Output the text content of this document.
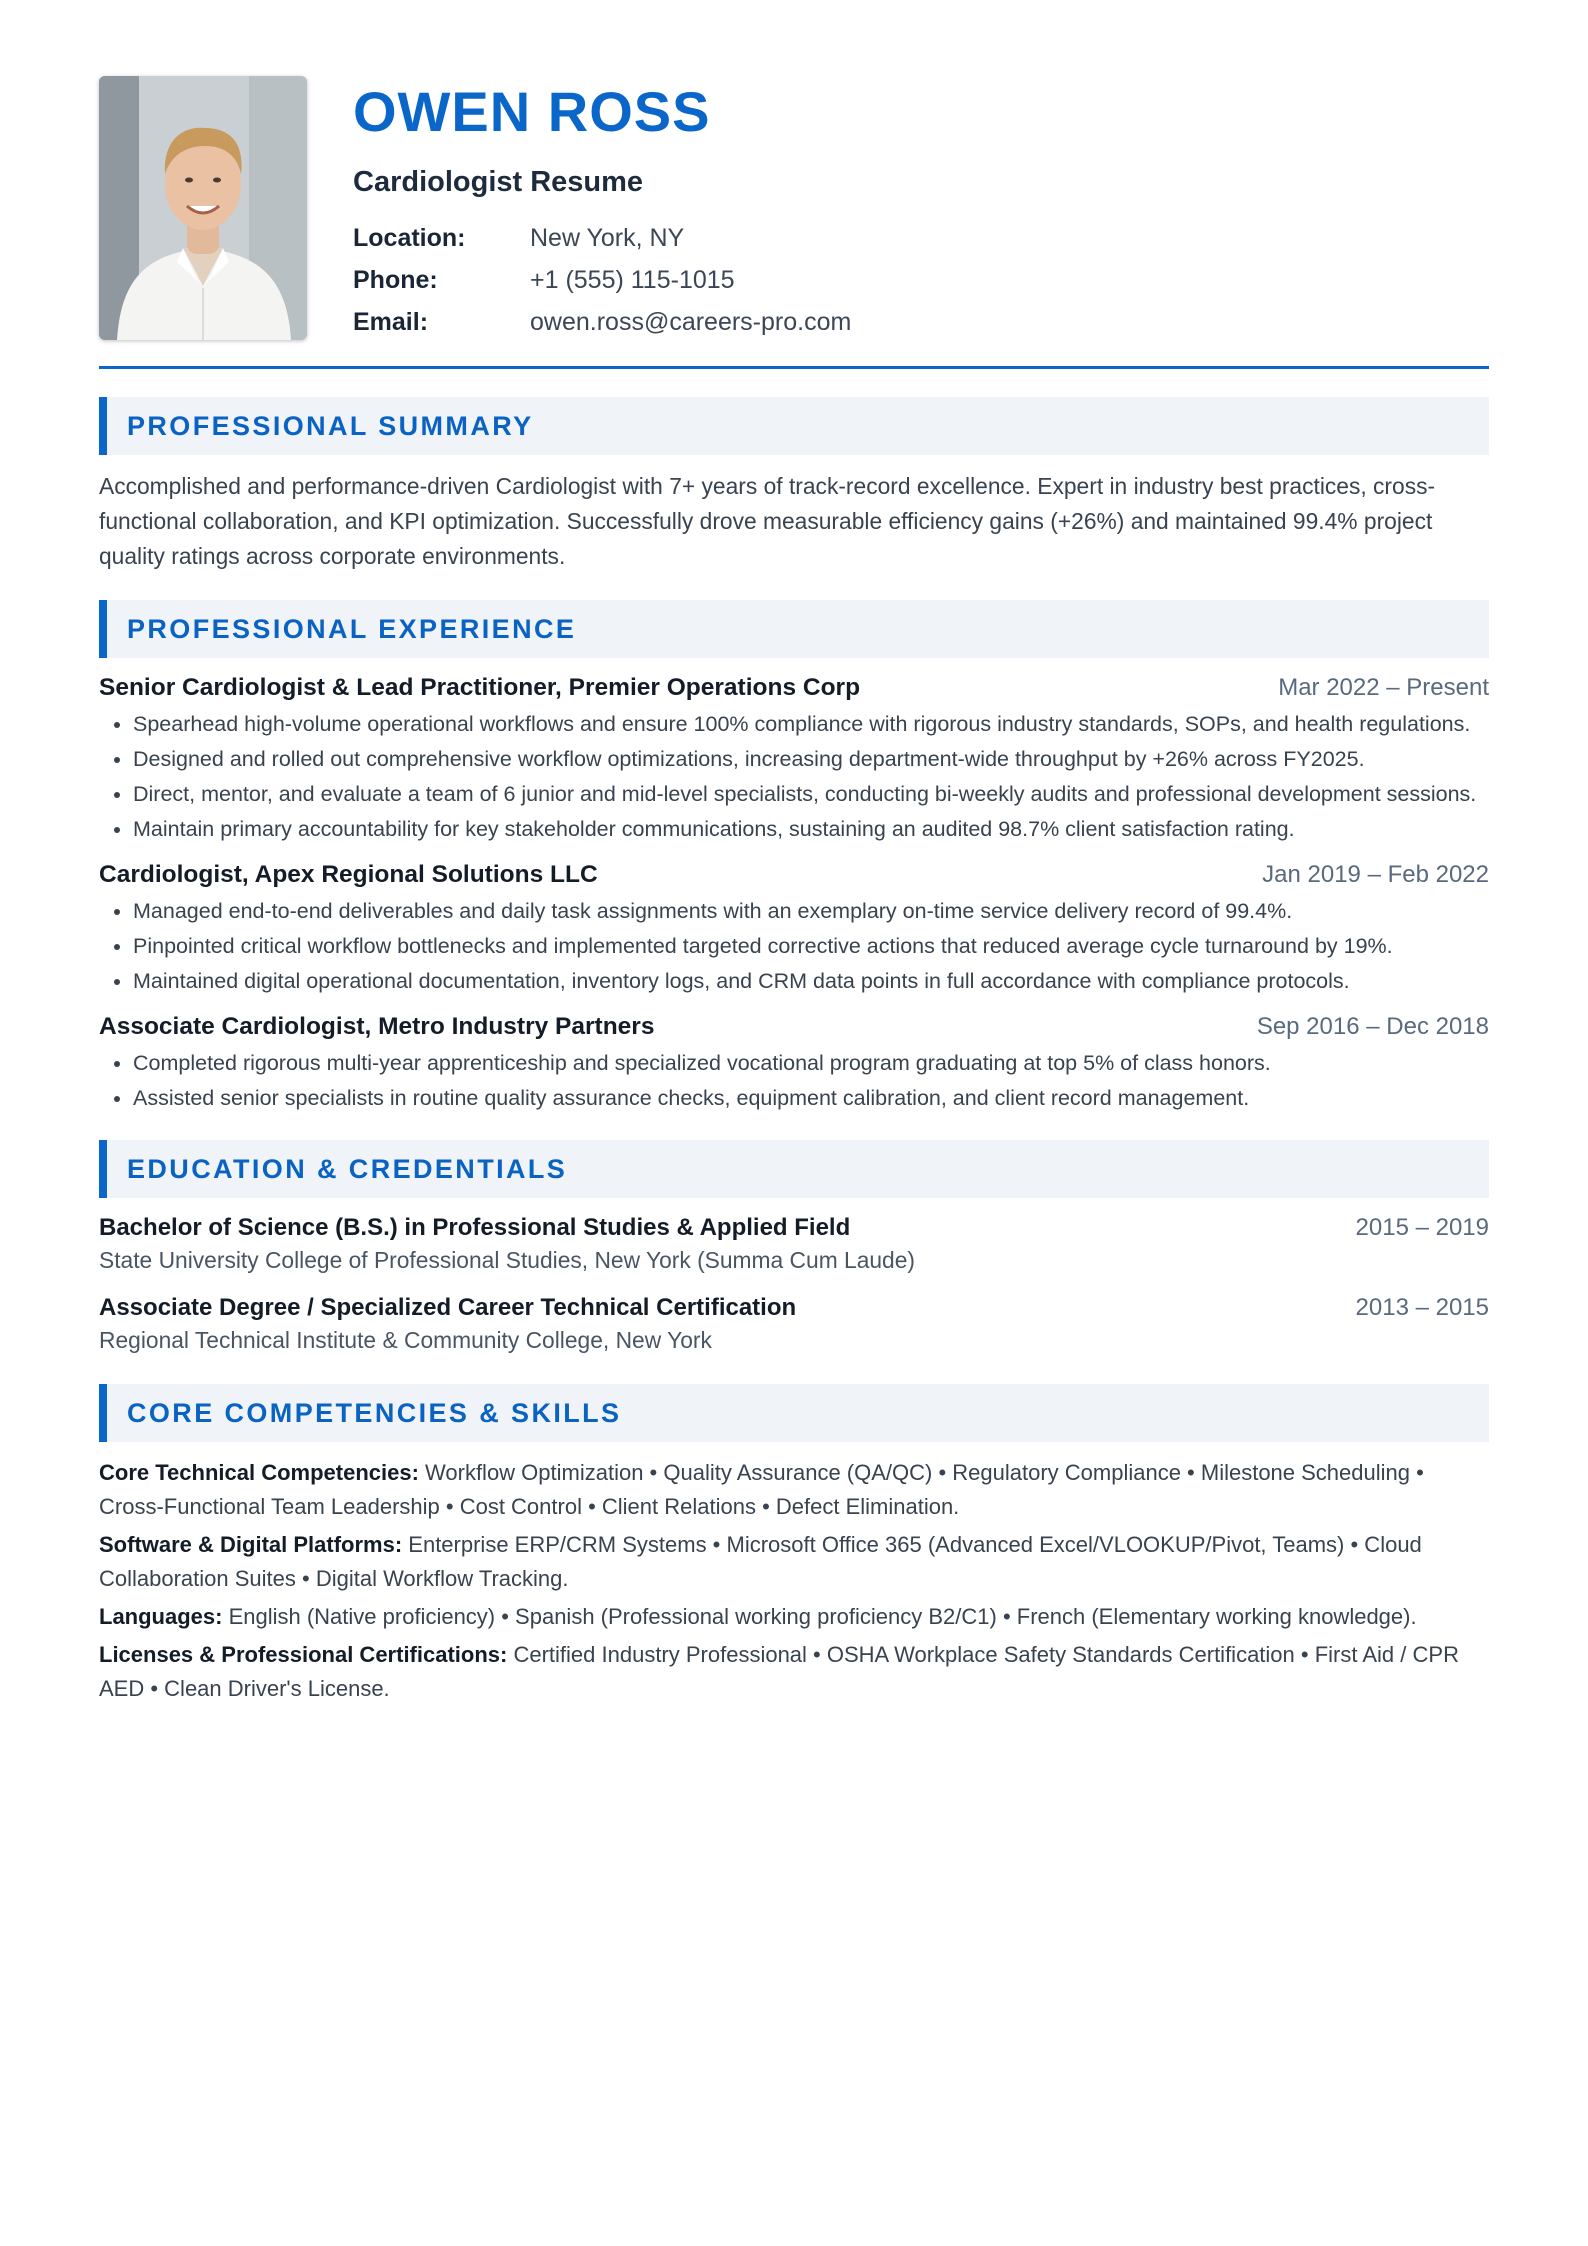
OWEN ROSS
Cardiologist Resume
Location:	New York, NY
Phone:	+1 (555) 115-1015
Email:	owen.ross@careers-pro.com
PROFESSIONAL SUMMARY
Accomplished and performance-driven Cardiologist with 7+ years of track-record excellence. Expert in industry best practices, cross-functional collaboration, and KPI optimization. Successfully drove measurable efficiency gains (+26%) and maintained 99.4% project quality ratings across corporate environments.
PROFESSIONAL EXPERIENCE
Senior Cardiologist & Lead Practitioner, Premier Operations Corp	Mar 2022 – Present
• Spearhead high-volume operational workflows and ensure 100% compliance with rigorous industry standards, SOPs, and health regulations.
• Designed and rolled out comprehensive workflow optimizations, increasing department-wide throughput by +26% across FY2025.
• Direct, mentor, and evaluate a team of 6 junior and mid-level specialists, conducting bi-weekly audits and professional development sessions.
• Maintain primary accountability for key stakeholder communications, sustaining an audited 98.7% client satisfaction rating.
Cardiologist, Apex Regional Solutions LLC	Jan 2019 – Feb 2022
• Managed end-to-end deliverables and daily task assignments with an exemplary on-time service delivery record of 99.4%.
• Pinpointed critical workflow bottlenecks and implemented targeted corrective actions that reduced average cycle turnaround by 19%.
• Maintained digital operational documentation, inventory logs, and CRM data points in full accordance with compliance protocols.
Associate Cardiologist, Metro Industry Partners	Sep 2016 – Dec 2018
• Completed rigorous multi-year apprenticeship and specialized vocational program graduating at top 5% of class honors.
• Assisted senior specialists in routine quality assurance checks, equipment calibration, and client record management.
EDUCATION & CREDENTIALS
Bachelor of Science (B.S.) in Professional Studies & Applied Field	2015 – 2019
State University College of Professional Studies, New York (Summa Cum Laude)
Associate Degree / Specialized Career Technical Certification	2013 – 2015
Regional Technical Institute & Community College, New York
CORE COMPETENCIES & SKILLS
Core Technical Competencies: Workflow Optimization • Quality Assurance (QA/QC) • Regulatory Compliance • Milestone Scheduling • Cross-Functional Team Leadership • Cost Control • Client Relations • Defect Elimination.
Software & Digital Platforms: Enterprise ERP/CRM Systems • Microsoft Office 365 (Advanced Excel/VLOOKUP/Pivot, Teams) • Cloud Collaboration Suites • Digital Workflow Tracking.
Languages: English (Native proficiency) • Spanish (Professional working proficiency B2/C1) • French (Elementary working knowledge).
Licenses & Professional Certifications: Certified Industry Professional • OSHA Workplace Safety Standards Certification • First Aid / CPR AED • Clean Driver's License.
